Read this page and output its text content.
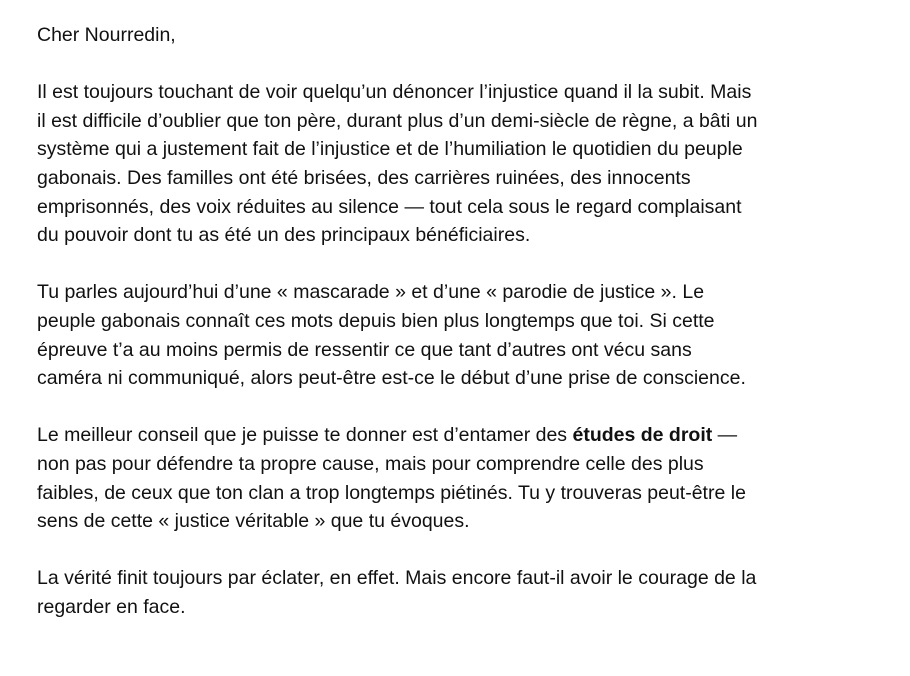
Cher Nourredin,
Il est toujours touchant de voir quelqu’un dénoncer l’injustice quand il la subit. Mais
il est difficile d’oublier que ton père, durant plus d’un demi-siècle de règne, a bâti un
système qui a justement fait de l’injustice et de l’humiliation le quotidien du peuple
gabonais. Des familles ont été brisées, des carrières ruinées, des innocents
emprisonnés, des voix réduites au silence — tout cela sous le regard complaisant
du pouvoir dont tu as été un des principaux bénéficiaires.
Tu parles aujourd’hui d’une « mascarade » et d’une « parodie de justice ». Le
peuple gabonais connaît ces mots depuis bien plus longtemps que toi. Si cette
épreuve t’a au moins permis de ressentir ce que tant d’autres ont vécu sans
caméra ni communiqué, alors peut-être est-ce le début d’une prise de conscience.
Le meilleur conseil que je puisse te donner est d’entamer des études de droit —
non pas pour défendre ta propre cause, mais pour comprendre celle des plus
faibles, de ceux que ton clan a trop longtemps piétinés. Tu y trouveras peut-être le
sens de cette « justice véritable » que tu évoques.
La vérité finit toujours par éclater, en effet. Mais encore faut-il avoir le courage de la
regarder en face.
